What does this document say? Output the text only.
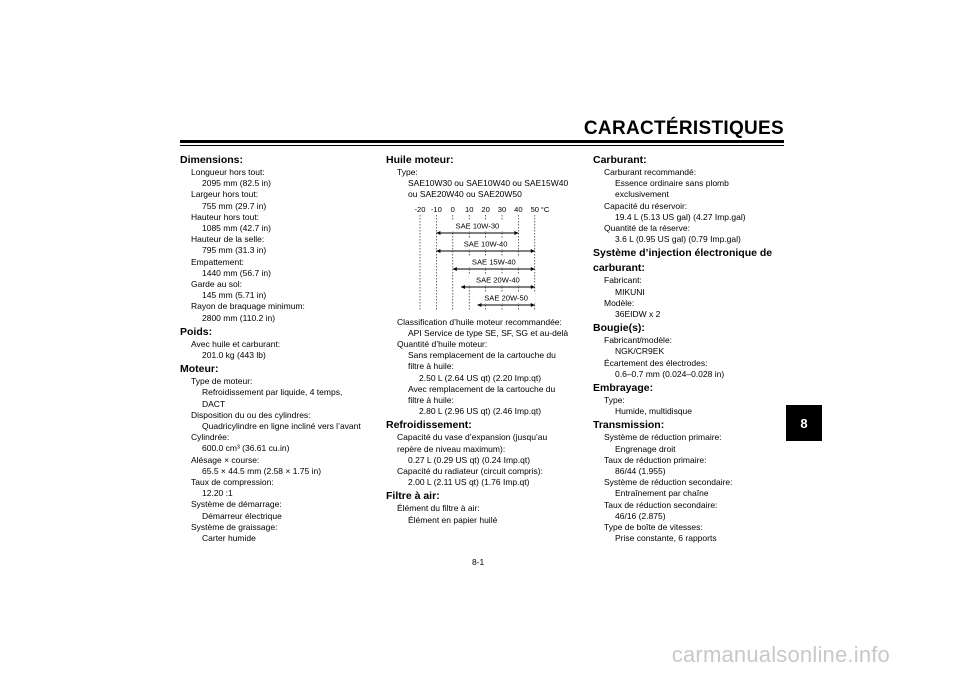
CARACTÉRISTIQUES
8
Dimensions:
Longueur hors tout:
2095 mm (82.5 in)
Largeur hors tout:
755 mm (29.7 in)
Hauteur hors tout:
1085 mm (42.7 in)
Hauteur de la selle:
795 mm (31.3 in)
Empattement:
1440 mm (56.7 in)
Garde au sol:
145 mm (5.71 in)
Rayon de braquage minimum:
2800 mm (110.2 in)
Poids:
Avec huile et carburant:
201.0 kg (443 lb)
Moteur:
Type de moteur:
Refroidissement par liquide, 4 temps,
DACT
Disposition du ou des cylindres:
Quadricylindre en ligne incliné vers l’avant
Cylindrée:
600.0 cm³ (36.61 cu.in)
Alésage × course:
65.5 × 44.5 mm (2.58 × 1.75 in)
Taux de compression:
12.20 :1
Système de démarrage:
Démarreur électrique
Système de graissage:
Carter humide
Huile moteur:
Type:
SAE10W30 ou SAE10W40 ou SAE15W40
ou SAE20W40 ou SAE20W50
-20 -10 0 10 20 30 40 50 °C
SAE 10W-30
SAE 10W-40
SAE 15W-40
SAE 20W-40
SAE 20W-50
Classification d’huile moteur recommandée:
API Service de type SE, SF, SG et au-delà
Quantité d’huile moteur:
Sans remplacement de la cartouche du
filtre à huile:
2.50 L (2.64 US qt) (2.20 Imp.qt)
Avec remplacement de la cartouche du
filtre à huile:
2.80 L (2.96 US qt) (2.46 Imp.qt)
Refroidissement:
Capacité du vase d’expansion (jusqu’au
repère de niveau maximum):
0.27 L (0.29 US qt) (0.24 Imp.qt)
Capacité du radiateur (circuit compris):
2.00 L (2.11 US qt) (1.76 Imp.qt)
Filtre à air:
Élément du filtre à air:
Élément en papier huilé
Carburant:
Carburant recommandé:
Essence ordinaire sans plomb
exclusivement
Capacité du réservoir:
19.4 L (5.13 US gal) (4.27 Imp.gal)
Quantité de la réserve:
3.6 L (0.95 US gal) (0.79 Imp.gal)
Système d’injection électronique de
carburant:
Fabricant:
MIKUNI
Modèle:
36EIDW x 2
Bougie(s):
Fabricant/modèle:
NGK/CR9EK
Écartement des électrodes:
0.6–0.7 mm (0.024–0.028 in)
Embrayage:
Type:
Humide, multidisque
Transmission:
Système de réduction primaire:
Engrenage droit
Taux de réduction primaire:
86/44 (1.955)
Système de réduction secondaire:
Entraînement par chaîne
Taux de réduction secondaire:
46/16 (2.875)
Type de boîte de vitesses:
Prise constante, 6 rapports
8-1
carmanualsonline.info
